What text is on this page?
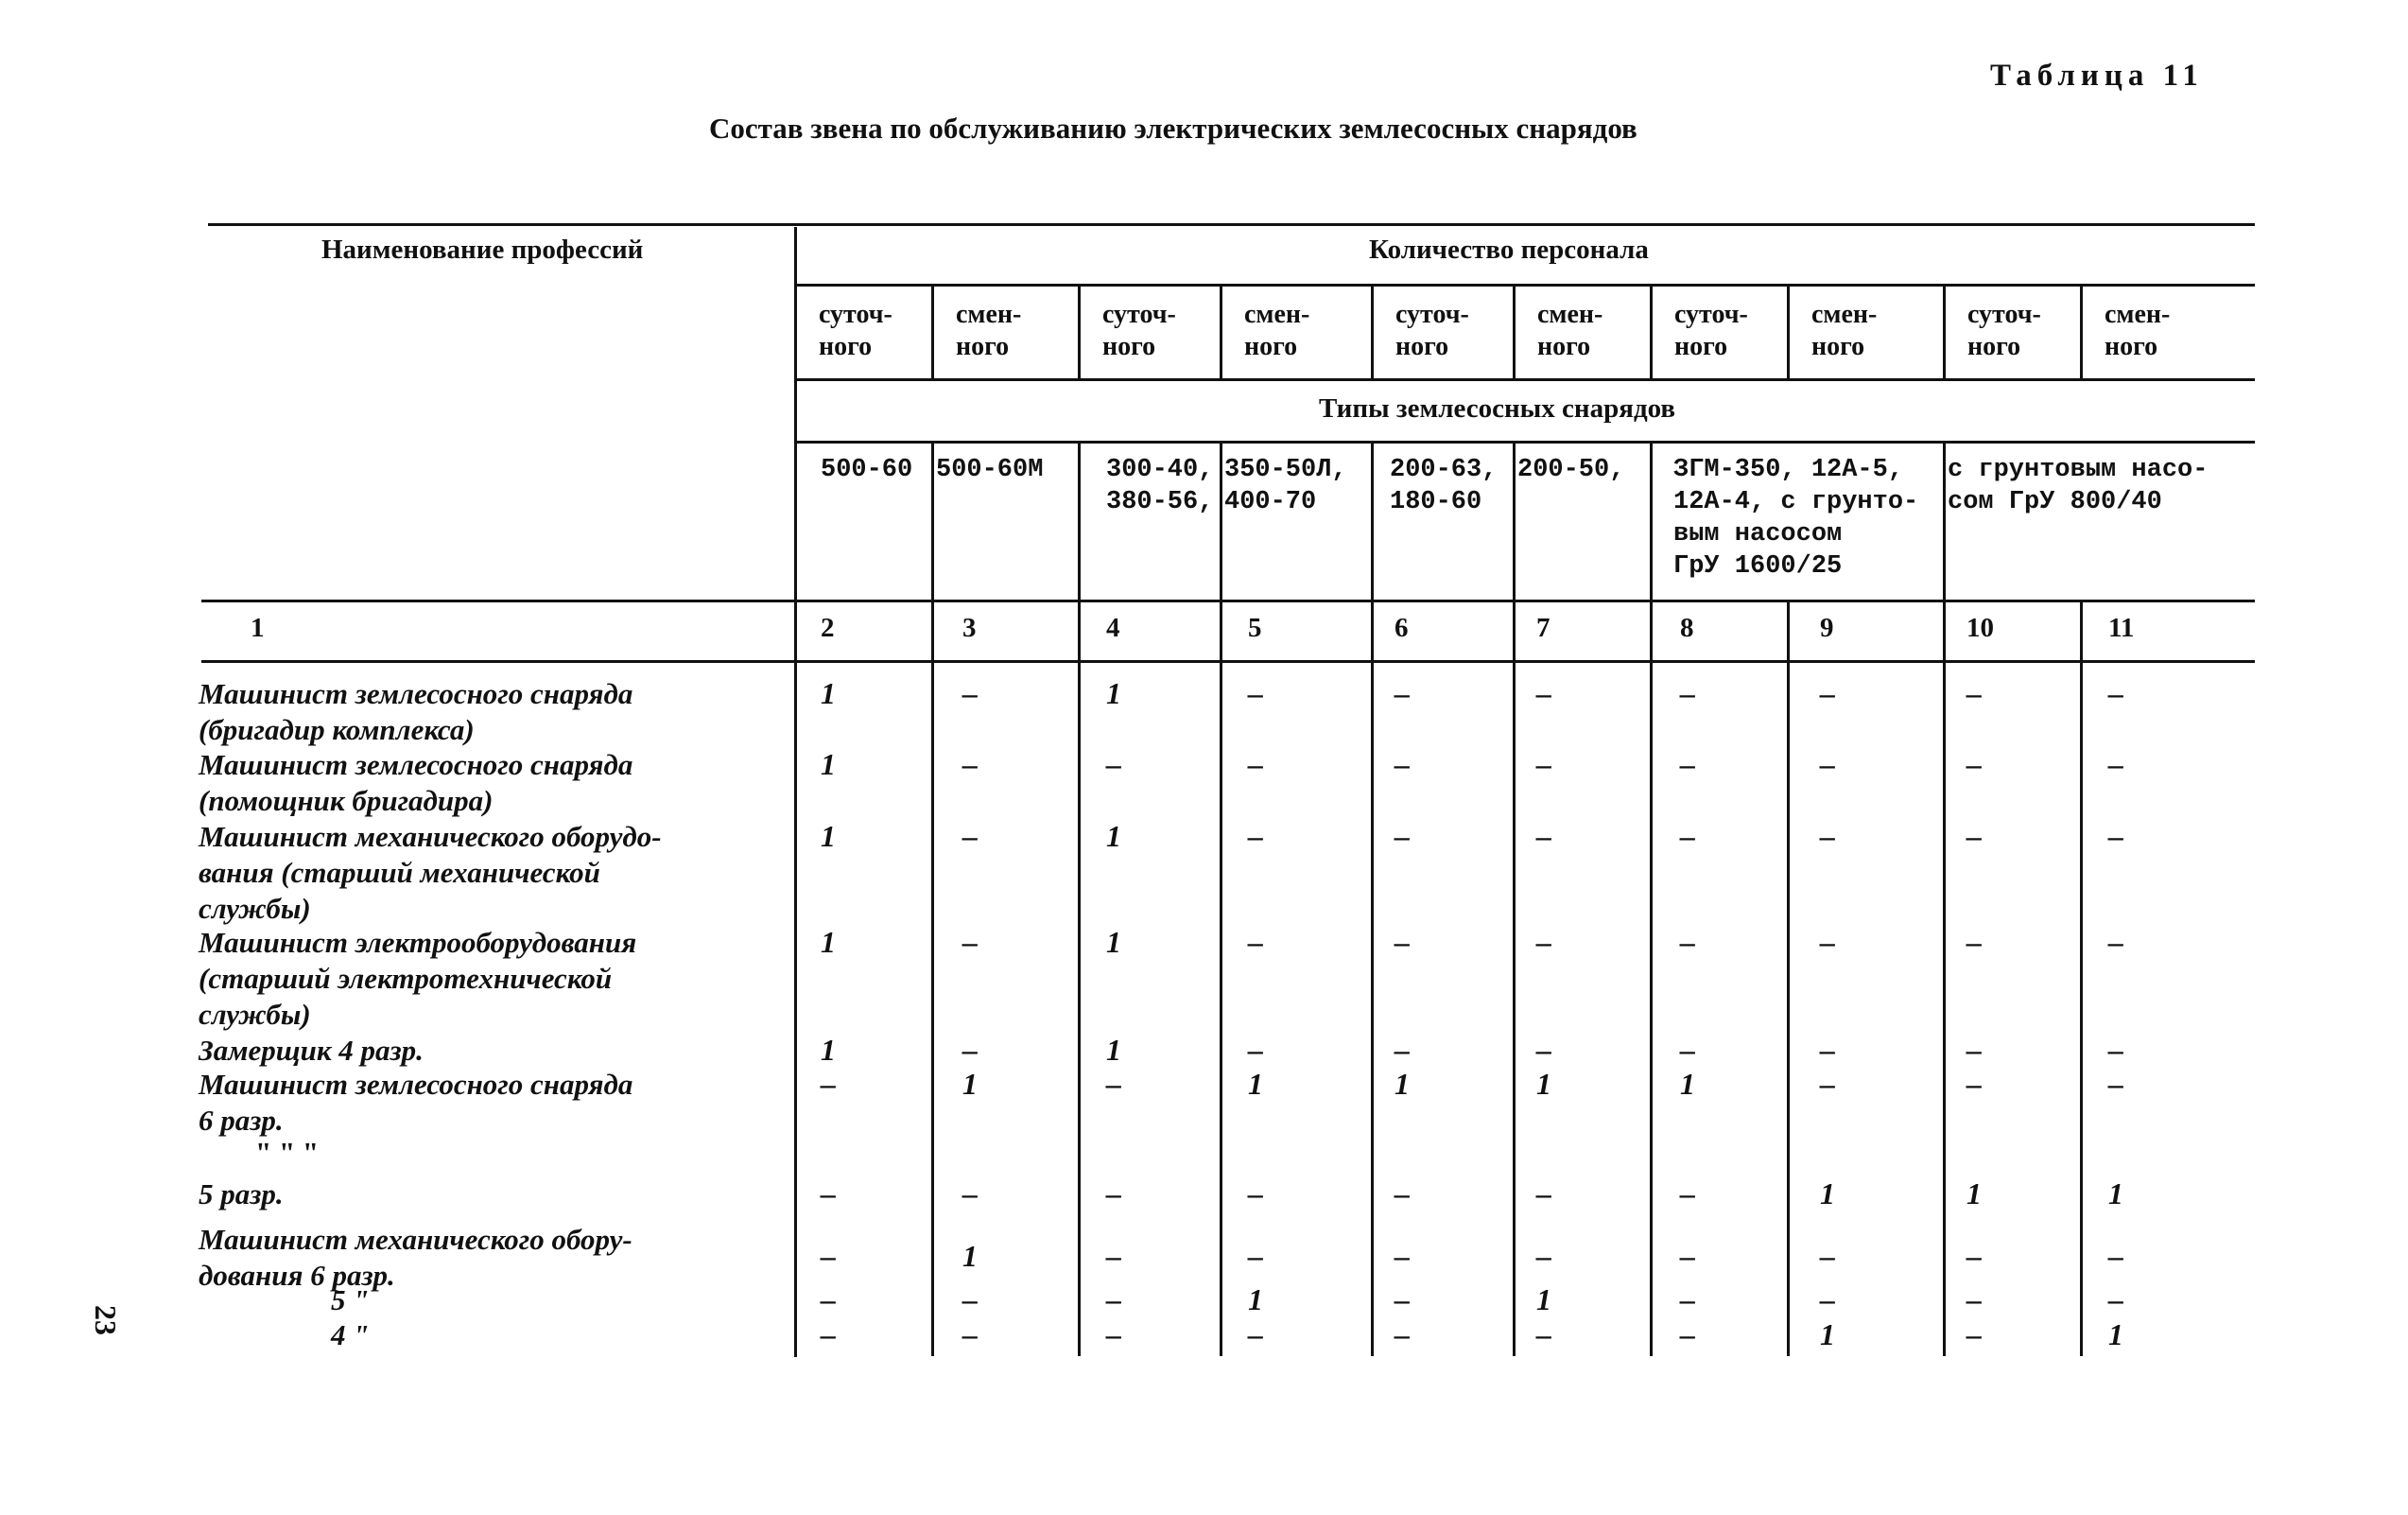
Таблица 11
Состав звена по обслуживанию электрических землесосных снарядов
Наименование профессий	Количество персонала
Типы землесосных снарядов
суточ-
ного
смен-
ного
суточ-
ного
смен-
ного
суточ-
ного
смен-
ного
суточ-
ного
смен-
ного
суточ-
ного
смен-
ного
500-60 500-60М 300-40,
380-56,
350-50Л,
400-70
200-63,
180-60
200-50, ЗГМ-350, 12А-5,
12А-4, с грунто-
вым насосом
ГрУ 1600/25
с грунтовым насо-
сом ГрУ 800/40
1	2	3	4	5	6	7	8	9	10	11
Машинист землесосного снаряда
(бригадир комплекса)
1	–	1	–	–	–	–	–	–	–
Машинист землесосного снаряда
(помощник бригадира)
1	–	–	–	–	–	–	–	–	–
Машинист механического оборудо-
вания (старший механической
службы)
1	–	1	–	–	–	–	–	–	–
Машинист электрооборудования
(старший электротехнической
службы)
1	–	1	–	–	–	–	–	–	–
Замерщик 4 разр.	1	–	1	–	–	–	–	–	–	–
Машинист землесосного снаряда
6 разр.
–	1	–	1	1	1	1	–	–	–
" " "
5 разр.	–	–	–	–	–	–	–	1	1	1
Машинист механического обору-
дования 6 разр.
–	1	–	–	–	–	–	–	–	–
5 "	–	–	–	1	–	1	–	–	–	–
4 "	–	–	–	–	–	–	–	1	–	1
23
